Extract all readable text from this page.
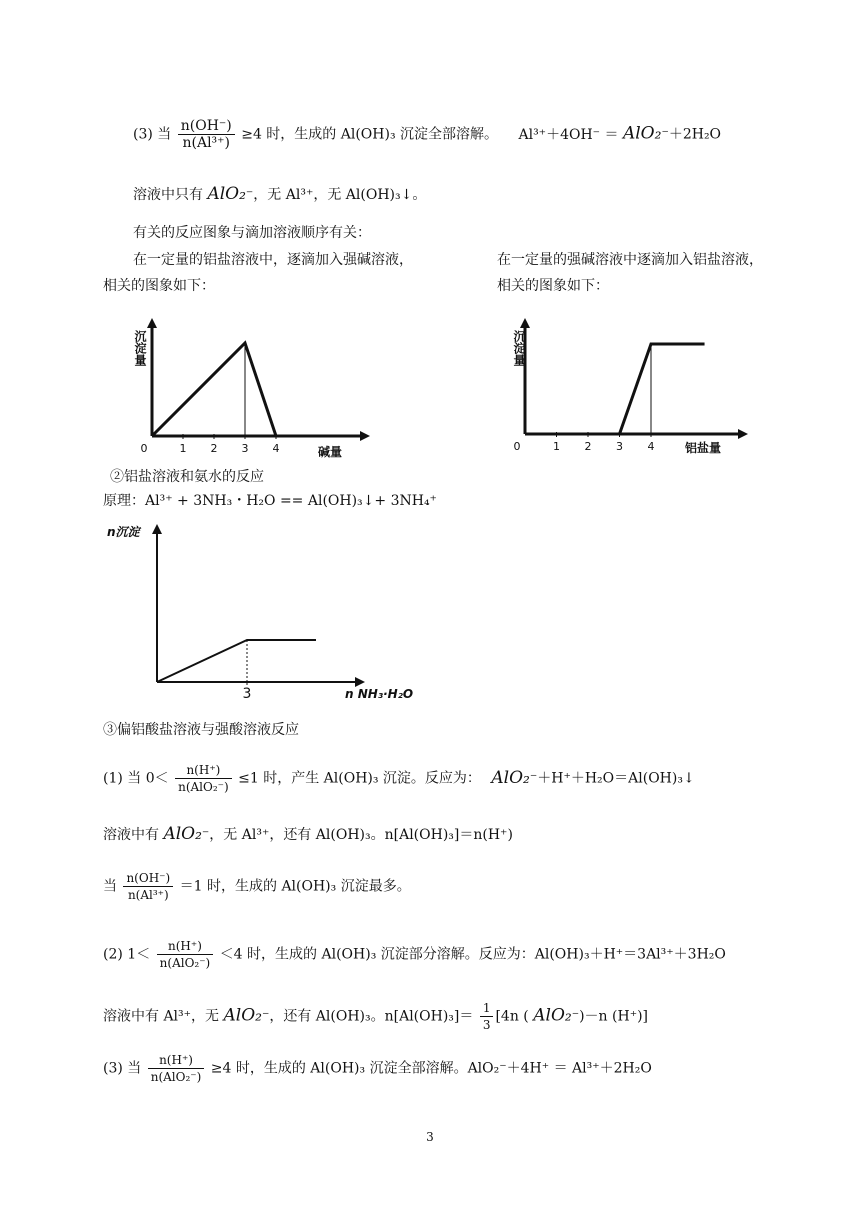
(3) 当 $\frac{n(OH^-)}{\text{n(Al³⁺)}} \ge 4$ 时，生成的 Al(OH)₃ 沉淀全部溶解。 Al³⁺＋4OH⁻ ＝ AlO₂⁻＋2H₂O
溶液中只有 AlO₂⁻，无 Al³⁺，无 Al(OH)₃↓。
有关的反应图象与滴加溶液顺序有关：
在一定量的铝盐溶液中，逐滴加入强碱溶液，	在一定量的强碱溶液中逐滴加入铝盐溶液，
相关的图象如下：	相关的图象如下：
0	1 2 3 4
沉淀量
碱量	0	1 2 3 4
沉淀量
铝盐量
②铝盐溶液和氨水的反应
原理：Al³⁺ + 3NH₃・H₂O == Al(OH)₃↓+ 3NH₄⁺
3
n沉淀
n NH₃·H₂O
③偏铝酸盐溶液与强酸溶液反应
(1) 当 $0< \frac{n(H^+)}{\text{n(AlO₂⁻)}} \le 1$ 时，产生 Al(OH)₃ 沉淀。反应为： AlO₂⁻＋H⁺＋H₂O＝Al(OH)₃↓
溶液中有 AlO₂⁻，无 Al³⁺，还有 Al(OH)₃。n[Al(OH)₃]＝n(H⁺)
当 $\frac{n(OH^-)}{\text{n(Al³⁺)}} =1$ 时，生成的 Al(OH)₃ 沉淀最多。
(2) $1< \frac{n(H^+)}{\text{n(AlO₂⁻)}} <4$ 时，生成的 Al(OH)₃ 沉淀部分溶解。反应为：Al(OH)₃＋H⁺＝3Al³⁺＋3H₂O
溶液中有 Al³⁺，无 AlO₂⁻，还有 Al(OH)₃。$n[Al(OH)_3]= \frac{1}{3} [4n$ ( AlO₂⁻)－n (H⁺)]
(3) 当 $\frac{n(H^+)}{\text{n(AlO₂⁻)}} \ge 4$ 时，生成的 Al(OH)₃ 沉淀全部溶解。AlO₂⁻＋4H⁺ ＝ Al³⁺＋2H₂O
3
